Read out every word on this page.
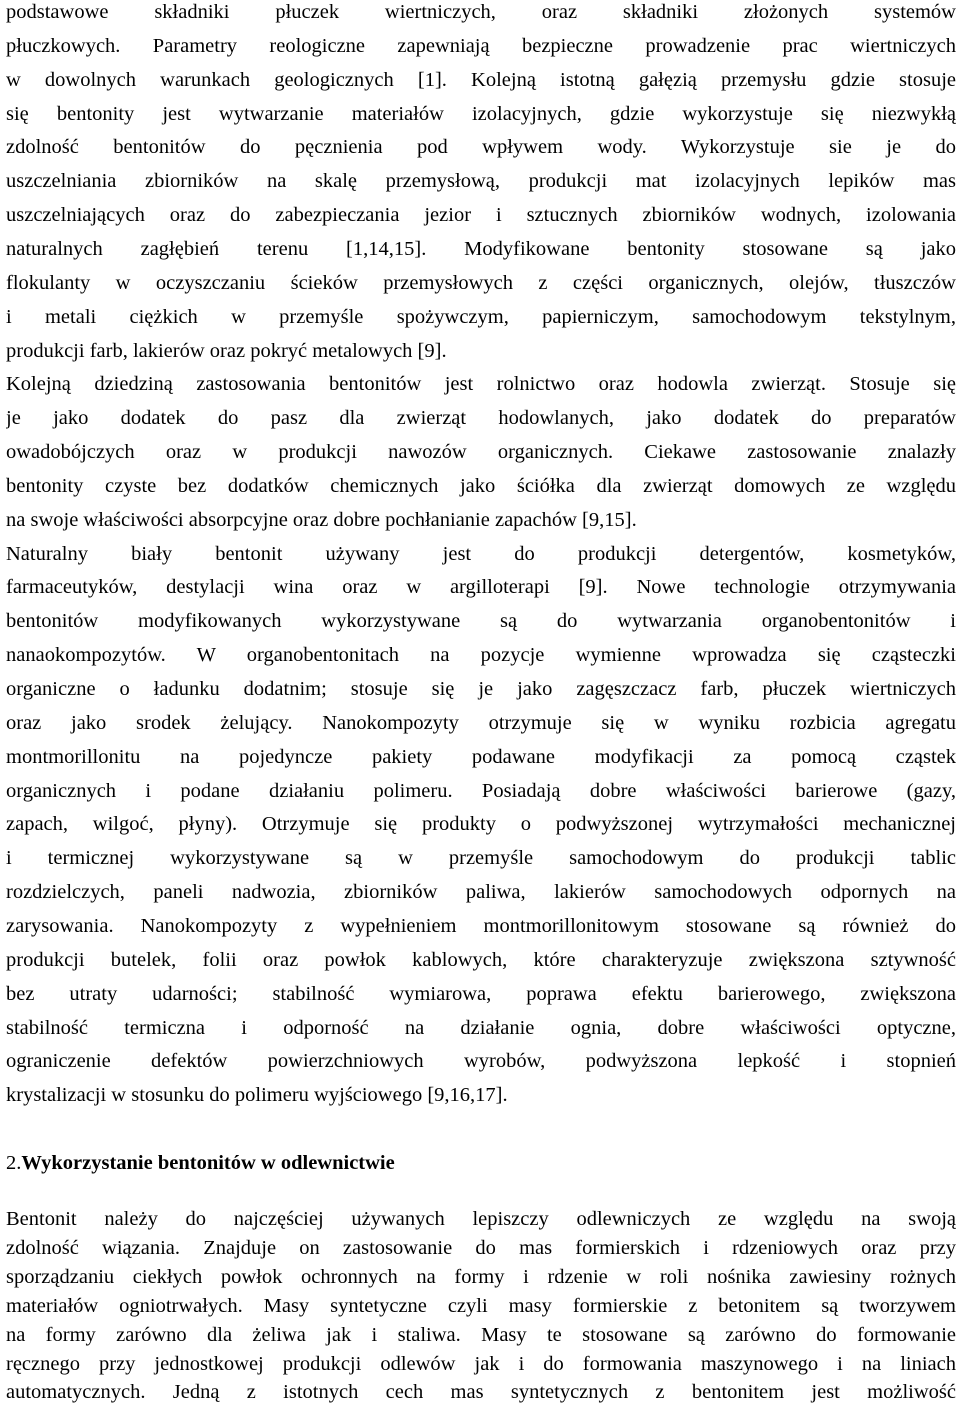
podstawowe składniki płuczek wiertniczych, oraz składniki złożonych systemów
płuczkowych. Parametry reologiczne zapewniają bezpieczne prowadzenie prac wiertniczych
w dowolnych warunkach geologicznych [1]. Kolejną istotną gałęzią przemysłu gdzie stosuje
się bentonity jest wytwarzanie materiałów izolacyjnych, gdzie wykorzystuje się niezwykłą
zdolność bentonitów do pęcznienia pod wpływem wody. Wykorzystuje sie je do
uszczelniania zbiorników na skalę przemysłową, produkcji mat izolacyjnych lepików mas
uszczelniających oraz do zabezpieczania jezior i sztucznych zbiorników wodnych, izolowania
naturalnych zagłębień terenu [1,14,15]. Modyfikowane bentonity stosowane są jako
flokulanty w oczyszczaniu ścieków przemysłowych z części organicznych, olejów, tłuszczów
i metali ciężkich w przemyśle spożywczym, papierniczym, samochodowym tekstylnym,
produkcji farb, lakierów oraz pokryć metalowych [9].
Kolejną dziedziną zastosowania bentonitów jest rolnictwo oraz hodowla zwierząt. Stosuje się
je jako dodatek do pasz dla zwierząt hodowlanych, jako dodatek do preparatów
owadobójczych oraz w produkcji nawozów organicznych. Ciekawe zastosowanie znalazły
bentonity czyste bez dodatków chemicznych jako ściółka dla zwierząt domowych ze względu
na swoje właściwości absorpcyjne oraz dobre pochłanianie zapachów [9,15].
Naturalny biały bentonit używany jest do produkcji detergentów, kosmetyków,
farmaceutyków, destylacji wina oraz w argilloterapi [9]. Nowe technologie otrzymywania
bentonitów modyfikowanych wykorzystywane są do wytwarzania organobentonitów i
nanaokompozytów. W organobentonitach na pozycje wymienne wprowadza się cząsteczki
organiczne o ładunku dodatnim; stosuje się je jako zagęszczacz farb, płuczek wiertniczych
oraz jako srodek żelujący. Nanokompozyty otrzymuje się w wyniku rozbicia agregatu
montmorillonitu na pojedyncze pakiety podawane modyfikacji za pomocą cząstek
organicznych i podane działaniu polimeru. Posiadają dobre właściwości barierowe (gazy,
zapach, wilgoć, płyny). Otrzymuje się produkty o podwyższonej wytrzymałości mechanicznej
i termicznej wykorzystywane są w przemyśle samochodowym do produkcji tablic
rozdzielczych, paneli nadwozia, zbiorników paliwa, lakierów samochodowych odpornych na
zarysowania. Nanokompozyty z wypełnieniem montmorillonitowym stosowane są również do
produkcji butelek, folii oraz powłok kablowych, które charakteryzuje zwiększona sztywność
bez utraty udarności; stabilność wymiarowa, poprawa efektu barierowego, zwiększona
stabilność termiczna i odporność na działanie ognia, dobre właściwości optyczne,
ograniczenie defektów powierzchniowych wyrobów, podwyższona lepkość i stopnień
krystalizacji w stosunku do polimeru wyjściowego [9,16,17].
2.Wykorzystanie bentonitów w odlewnictwie
Bentonit należy do najczęściej używanych lepiszczy odlewniczych ze względu na swoją
zdolność wiązania. Znajduje on zastosowanie do mas formierskich i rdzeniowych oraz przy
sporządzaniu ciekłych powłok ochronnych na formy i rdzenie w roli nośnika zawiesiny rożnych
materiałów ogniotrwałych. Masy syntetyczne czyli masy formierskie z betonitem są tworzywem
na formy zarówno dla żeliwa jak i staliwa. Masy te stosowane są zarówno do formowanie
ręcznego przy jednostkowej produkcji odlewów jak i do formowania maszynowego i na liniach
automatycznych. Jedną z istotnych cech mas syntetycznych z bentonitem jest możliwość
